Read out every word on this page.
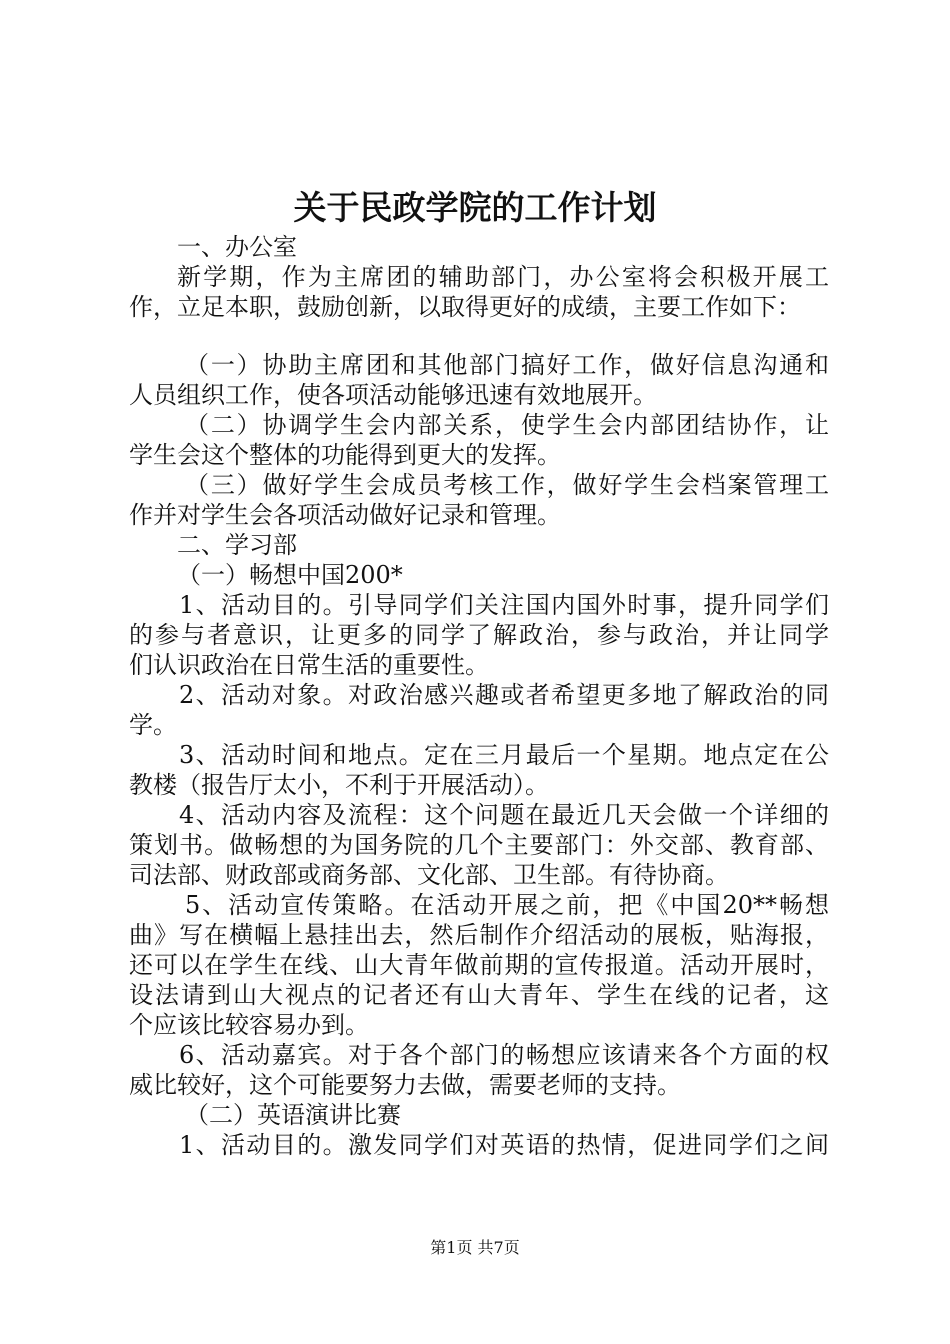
关于民政学院的工作计划
一、办公室
新学期，作为主席团的辅助部门，办公室将会积极开展工
作，立足本职，鼓励创新，以取得更好的成绩，主要工作如下：
（一）协助主席团和其他部门搞好工作，做好信息沟通和
人员组织工作，使各项活动能够迅速有效地展开。
（二）协调学生会内部关系，使学生会内部团结协作，让
学生会这个整体的功能得到更大的发挥。
（三）做好学生会成员考核工作，做好学生会档案管理工
作并对学生会各项活动做好记录和管理。
二、学习部
（一）畅想中国200*
1、活动目的。引导同学们关注国内国外时事，提升同学们
的参与者意识，让更多的同学了解政治，参与政治，并让同学
们认识政治在日常生活的重要性。
2、活动对象。对政治感兴趣或者希望更多地了解政治的同
学。
3、活动时间和地点。定在三月最后一个星期。地点定在公
教楼（报告厅太小，不利于开展活动）。
4、活动内容及流程：这个问题在最近几天会做一个详细的
策划书。做畅想的为国务院的几个主要部门：外交部、教育部、
司法部、财政部或商务部、文化部、卫生部。有待协商。
5、活动宣传策略。在活动开展之前，把《中国20**畅想
曲》写在横幅上悬挂出去，然后制作介绍活动的展板，贴海报，
还可以在学生在线、山大青年做前期的宣传报道。活动开展时，
设法请到山大视点的记者还有山大青年、学生在线的记者，这
个应该比较容易办到。
6、活动嘉宾。对于各个部门的畅想应该请来各个方面的权
威比较好，这个可能要努力去做，需要老师的支持。
（二）英语演讲比赛
1、活动目的。激发同学们对英语的热情，促进同学们之间
第1页 共7页
